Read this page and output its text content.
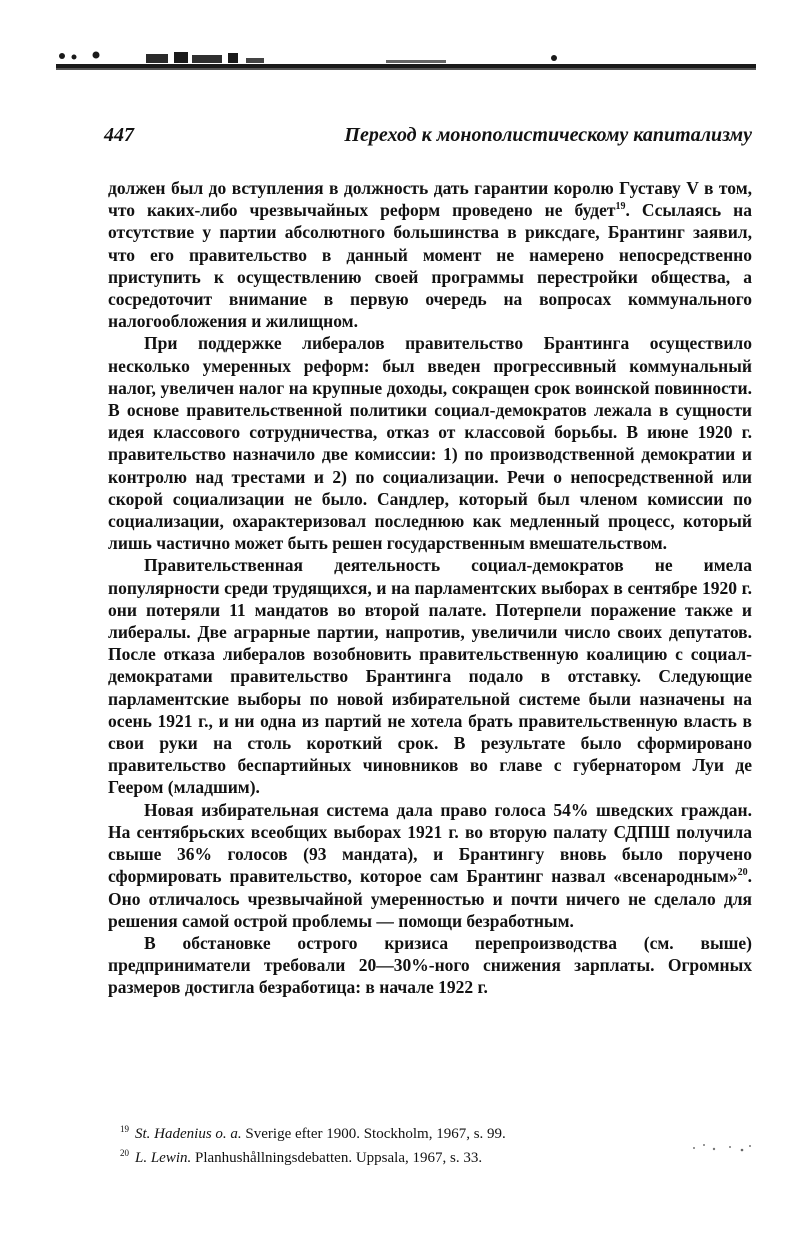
447	Переход к монополистическому капитализму

должен был до вступления в должность дать гарантии королю Густаву V в том, что каких-либо чрезвычайных реформ проведено не будет$^{19}$. Ссылаясь на отсутствие у партии абсолютного большинства в риксдаге, Брантинг заявил, что его правительство в данный момент не намерено непосредственно приступить к осуществлению своей программы перестройки общества, а сосредоточит внимание в первую очередь на вопросах коммунального налогообложения и жилищном.

При поддержке либералов правительство Брантинга осуществило несколько умеренных реформ: был введен прогрессивный коммунальный налог, увеличен налог на крупные доходы, сокращен срок воинской повинности. В основе правительственной политики социал-демократов лежала в сущности идея классового сотрудничества, отказ от классовой борьбы. В июне 1920 г. правительство назначило две комиссии: 1) по производственной демократии и контролю над трестами и 2) по социализации. Речи о непосредственной или скорой социализации не было. Сандлер, который был членом комиссии по социализации, охарактеризовал последнюю как медленный процесс, который лишь частично может быть решен государственным вмешательством.

Правительственная деятельность социал-демократов не имела популярности среди трудящихся, и на парламентских выборах в сентябре 1920 г. они потеряли 11 мандатов во второй палате. Потерпели поражение также и либералы. Две аграрные партии, напротив, увеличили число своих депутатов. После отказа либералов возобновить правительственную коалицию с социал-демократами правительство Брантинга подало в отставку. Следующие парламентские выборы по новой избирательной системе были назначены на осень 1921 г., и ни одна из партий не хотела брать правительственную власть в свои руки на столь короткий срок. В результате было сформировано правительство беспартийных чиновников во главе с губернатором Луи де Геером (младшим).

Новая избирательная система дала право голоса 54% шведских граждан. На сентябрьских всеобщих выборах 1921 г. во вторую палату СДПШ получила свыше 36% голосов (93 мандата), и Брантингу вновь было поручено сформировать правительство, которое сам Брантинг назвал «всенародным»$^{20}$. Оно отличалось чрезвычайной умеренностью и почти ничего не сделало для решения самой острой проблемы — помощи безработным.

В обстановке острого кризиса перепроизводства (см. выше) предприниматели требовали 20—30%-ного снижения зарплаты. Огромных размеров достигла безработица: в начале 1922 г.

$^{19}$ St. Hadenius o. a. Sverige efter 1900. Stockholm, 1967, s. 99.

$^{20}$ L. Lewin. Planhushållningsdebatten. Uppsala, 1967, s. 33.
